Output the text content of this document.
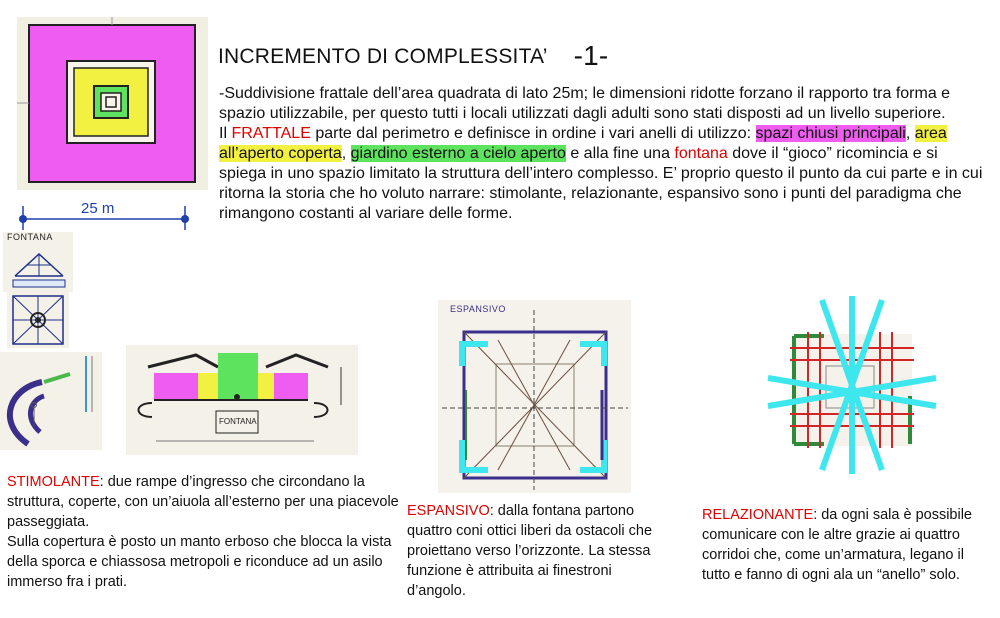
25 m
FONTANA
FONTANA
ESPANSIVO
INCREMENTO DI COMPLESSITA’ -1-

-Suddivisione frattale dell’area quadrata di lato 25m; le dimensioni ridotte forzano il rapporto tra forma e spazio utilizzabile, per questo tutti i locali utilizzati dagli adulti sono stati disposti ad un livello superiore.

Il FRATTALE parte dal perimetro e definisce in ordine i vari anelli di utilizzo: spazi chiusi principali, area all’aperto coperta, giardino esterno a cielo aperto e alla fine una fontana dove il “gioco” ricomincia e si spiega in uno spazio limitato la struttura dell’intero complesso. E’ proprio questo il punto da cui parte e in cui ritorna la storia che ho voluto narrare: stimolante, relazionante, espansivo sono i punti del paradigma che rimangono costanti al variare delle forme.

STIMOLANTE: due rampe d’ingresso che circondano la struttura, coperte, con un’aiuola all’esterno per una piacevole passeggiata.

Sulla copertura è posto un manto erboso che blocca la vista della sporca e chiassosa metropoli e riconduce ad un asilo immerso fra i prati.

ESPANSIVO: dalla fontana partono quattro coni ottici liberi da ostacoli che proiettano verso l’orizzonte. La stessa funzione è attribuita ai finestroni d’angolo.

RELAZIONANTE: da ogni sala è possibile comunicare con le altre grazie ai quattro corridoi che, come un’armatura, legano il tutto e fanno di ogni ala un “anello” solo.
